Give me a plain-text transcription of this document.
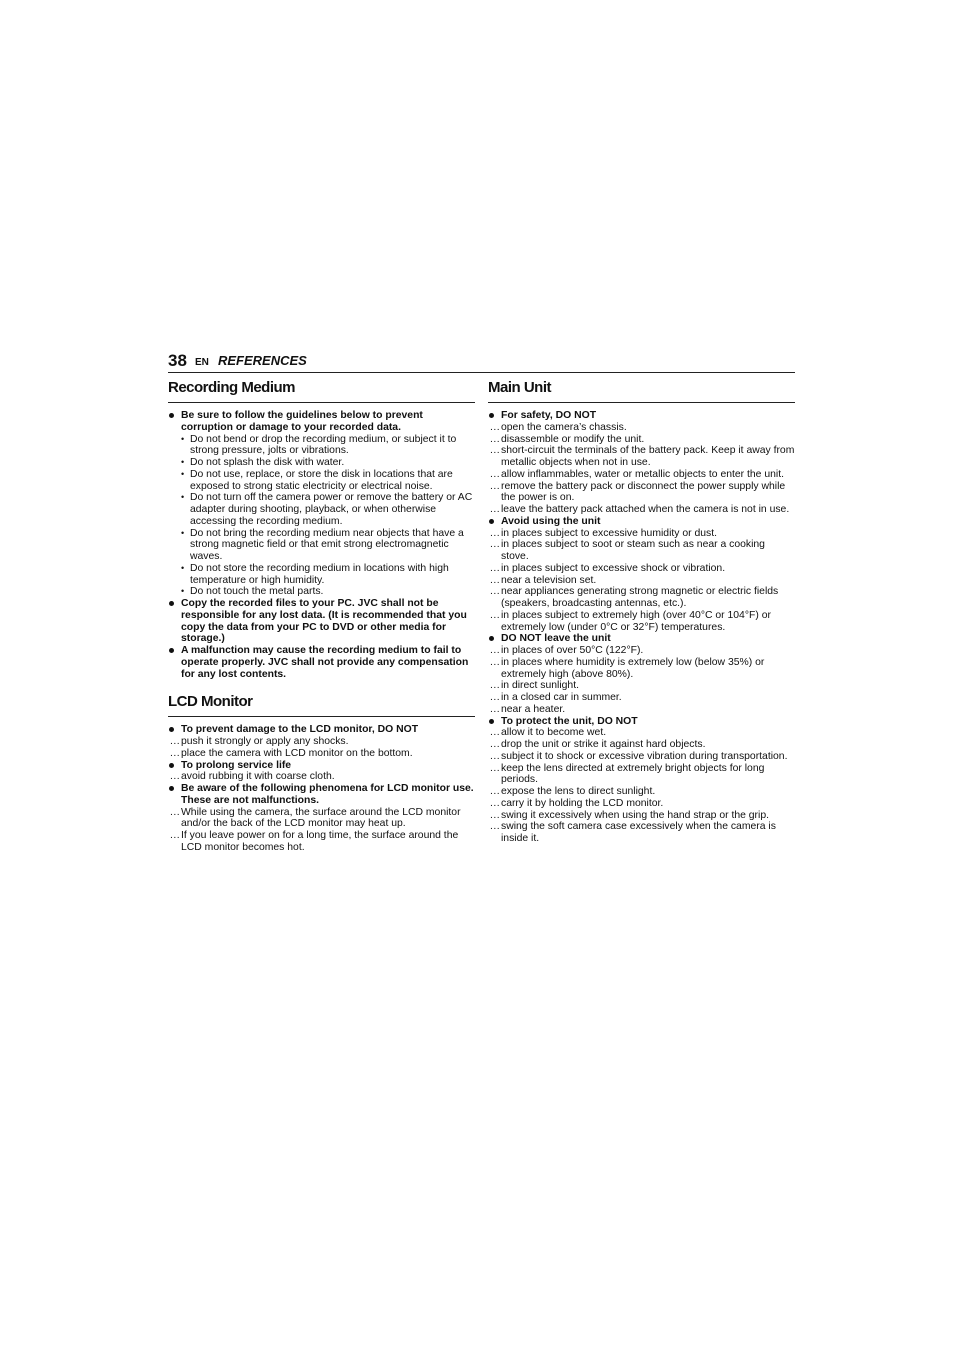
38 EN REFERENCES
Recording Medium
Be sure to follow the guidelines below to prevent corruption or damage to your recorded data.
• Do not bend or drop the recording medium, or subject it to strong pressure, jolts or vibrations.
• Do not splash the disk with water.
• Do not use, replace, or store the disk in locations that are exposed to strong static electricity or electrical noise.
• Do not turn off the camera power or remove the battery or AC adapter during shooting, playback, or when otherwise accessing the recording medium.
• Do not bring the recording medium near objects that have a strong magnetic field or that emit strong electromagnetic waves.
• Do not store the recording medium in locations with high temperature or high humidity.
• Do not touch the metal parts.
Copy the recorded files to your PC. JVC shall not be responsible for any lost data. (It is recommended that you copy the data from your PC to DVD or other media for storage.)
A malfunction may cause the recording medium to fail to operate properly. JVC shall not provide any compensation for any lost contents.
LCD Monitor
To prevent damage to the LCD monitor, DO NOT
... push it strongly or apply any shocks.
... place the camera with LCD monitor on the bottom.
To prolong service life
... avoid rubbing it with coarse cloth.
Be aware of the following phenomena for LCD monitor use. These are not malfunctions.
... While using the camera, the surface around the LCD monitor and/or the back of the LCD monitor may heat up.
... If you leave power on for a long time, the surface around the LCD monitor becomes hot.
Main Unit
For safety, DO NOT
... open the camera’s chassis.
... disassemble or modify the unit.
... short-circuit the terminals of the battery pack. Keep it away from metallic objects when not in use.
... allow inflammables, water or metallic objects to enter the unit.
... remove the battery pack or disconnect the power supply while the power is on.
... leave the battery pack attached when the camera is not in use.
Avoid using the unit
... in places subject to excessive humidity or dust.
... in places subject to soot or steam such as near a cooking stove.
... in places subject to excessive shock or vibration.
... near a television set.
... near appliances generating strong magnetic or electric fields (speakers, broadcasting antennas, etc.).
... in places subject to extremely high (over 40°C or 104°F) or extremely low (under 0°C or 32°F) temperatures.
DO NOT leave the unit
... in places of over 50°C (122°F).
... in places where humidity is extremely low (below 35%) or extremely high (above 80%).
... in direct sunlight.
... in a closed car in summer.
... near a heater.
To protect the unit, DO NOT
... allow it to become wet.
... drop the unit or strike it against hard objects.
... subject it to shock or excessive vibration during transportation.
... keep the lens directed at extremely bright objects for long periods.
... expose the lens to direct sunlight.
... carry it by holding the LCD monitor.
... swing it excessively when using the hand strap or the grip.
... swing the soft camera case excessively when the camera is inside it.
